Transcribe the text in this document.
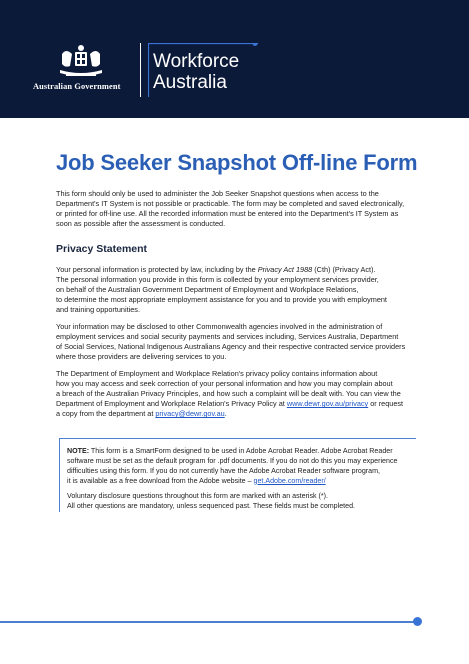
Australian Government
Workforce
Australia
Job Seeker Snapshot Off-line Form
This form should only be used to administer the Job Seeker Snapshot questions when access to the
Department's IT System is not possible or practicable. The form may be completed and saved electronically,
or printed for off-line use. All the recorded information must be entered into the Department's IT System as
soon as possible after the assessment is conducted.
Privacy Statement
Your personal information is protected by law, including by the Privacy Act 1988 (Cth) (Privacy Act).
The personal information you provide in this form is collected by your employment services provider,
on behalf of the Australian Government Department of Employment and Workplace Relations,
to determine the most appropriate employment assistance for you and to provide you with employment
and training opportunities.
Your information may be disclosed to other Commonwealth agencies involved in the administration of
employment services and social security payments and services including, Services Australia, Department
of Social Services, National Indigenous Australians Agency and their respective contracted service providers
where those providers are delivering services to you.
The Department of Employment and Workplace Relation's privacy policy contains information about
how you may access and seek correction of your personal information and how you may complain about
a breach of the Australian Privacy Principles, and how such a complaint will be dealt with. You can view the
Department of Employment and Workplace Relation's Privacy Policy at www.dewr.gov.au/privacy or request
a copy from the department at privacy@dewr.gov.au.
NOTE: This form is a SmartForm designed to be used in Adobe Acrobat Reader. Adobe Acrobat Reader
software must be set as the default program for .pdf documents. If you do not do this you may experience
difficulties using this form. If you do not currently have the Adobe Acrobat Reader software program,
it is available as a free download from the Adobe website – get.Adobe.com/reader/
Voluntary disclosure questions throughout this form are marked with an asterisk (*).
All other questions are mandatory, unless sequenced past. These fields must be completed.
